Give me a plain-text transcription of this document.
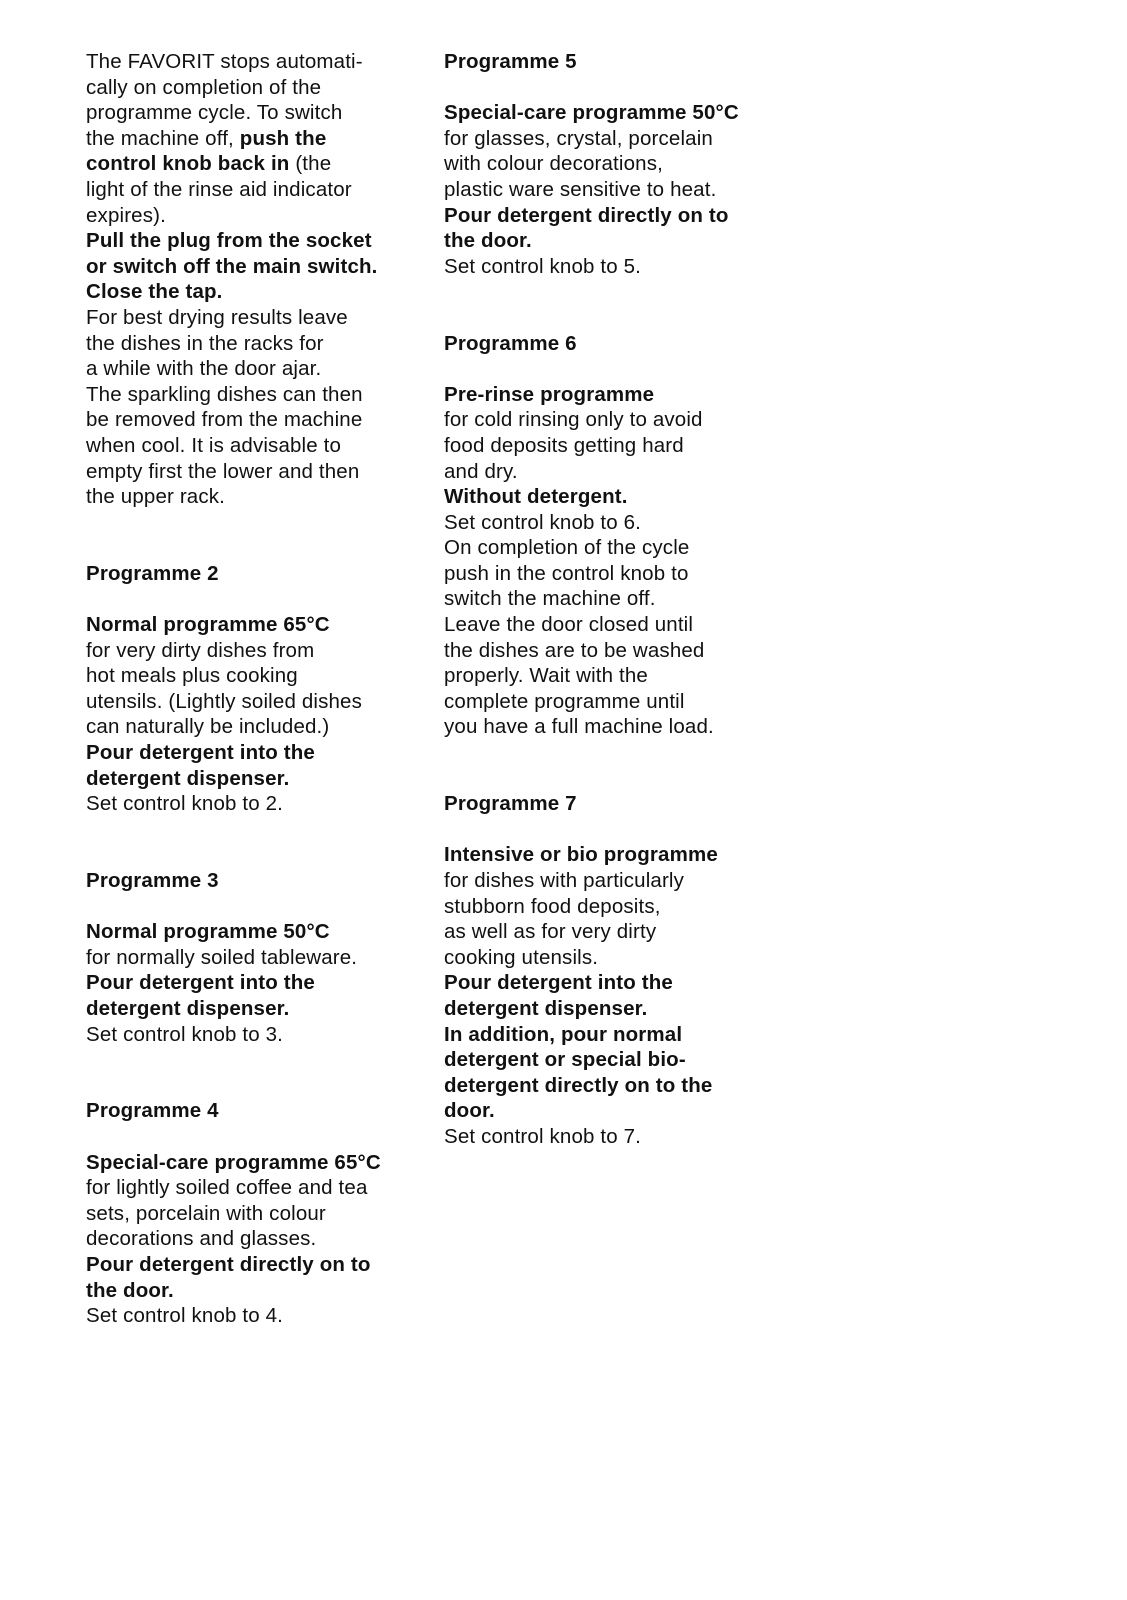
The FAVORIT stops automati-
cally on completion of the
programme cycle. To switch
the machine off, push the
control knob back in (the
light of the rinse aid indicator
expires).
Pull the plug from the socket
or switch off the main switch.
Close the tap.
For best drying results leave
the dishes in the racks for
a while with the door ajar.
The sparkling dishes can then
be removed from the machine
when cool. It is advisable to
empty first the lower and then
the upper rack.
Programme 2
Normal programme 65°C
for very dirty dishes from
hot meals plus cooking
utensils. (Lightly soiled dishes
can naturally be included.)
Pour detergent into the
detergent dispenser.
Set control knob to 2.
Programme 3
Normal programme 50°C
for normally soiled tableware.
Pour detergent into the
detergent dispenser.
Set control knob to 3.
Programme 4
Special-care programme 65°C
for lightly soiled coffee and tea
sets, porcelain with colour
decorations and glasses.
Pour detergent directly on to
the door.
Set control knob to 4.
Programme 5
Special-care programme 50°C
for glasses, crystal, porcelain
with colour decorations,
plastic ware sensitive to heat.
Pour detergent directly on to
the door.
Set control knob to 5.
Programme 6
Pre-rinse programme
for cold rinsing only to avoid
food deposits getting hard
and dry.
Without detergent.
Set control knob to 6.
On completion of the cycle
push in the control knob to
switch the machine off.
Leave the door closed until
the dishes are to be washed
properly. Wait with the
complete programme until
you have a full machine load.
Programme 7
Intensive or bio programme
for dishes with particularly
stubborn food deposits,
as well as for very dirty
cooking utensils.
Pour detergent into the
detergent dispenser.
In addition, pour normal
detergent or special bio-
detergent directly on to the
door.
Set control knob to 7.
